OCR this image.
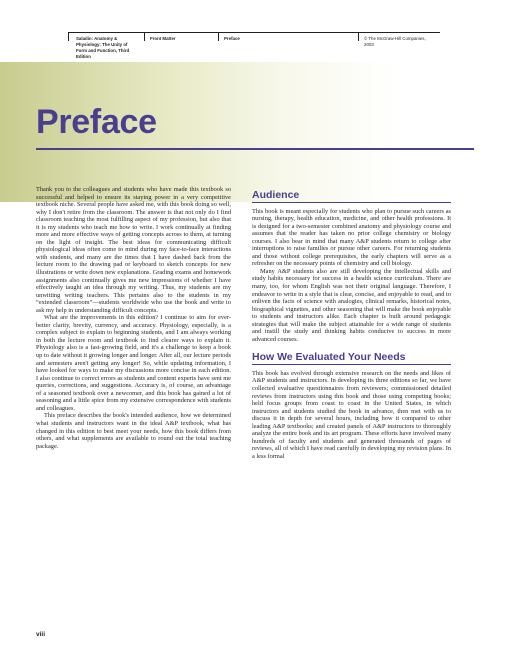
Saladin: Anatomy & Physiology: The Unity of Form and Function, Third Edition
Front Matter	Preface	© The McGraw-Hill Companies, 2003
Preface

Thank you to the colleagues and students who have made this textbook so successful and helped to ensure its staying power in a very competitive textbook niche. Several people have asked me, with this book doing so well, why I don't retire from the classroom. The answer is that not only do I find classroom teaching the most fulfilling aspect of my profession, but also that it is my students who teach me how to write. I work continually at finding more and more effective ways of getting concepts across to them, at turning on the light of insight. The best ideas for communicating difficult physiological ideas often come to mind during my face-to-face interactions with students, and many are the times that I have dashed back from the lecture room to the drawing pad or keyboard to sketch concepts for new illustrations or write down new explanations. Grading exams and homework assignments also continually gives me new impressions of whether I have effectively taught an idea through my writing. Thus, my students are my unwitting writing teachers. This pertains also to the students in my “extended classroom”—students worldwide who use the book and write to ask my help in understanding difficult concepts.

What are the improvements in this edition? I continue to aim for ever-better clarity, brevity, currency, and accuracy. Physiology, especially, is a complex subject to explain to beginning students, and I am always working in both the lecture room and textbook to find clearer ways to explain it. Physiology also is a fast-growing field, and it's a challenge to keep a book up to date without it growing longer and longer. After all, our lecture periods and semesters aren't getting any longer! So, while updating information, I have looked for ways to make my discussions more concise in each edition. I also continue to correct errors as students and content experts have sent me queries, corrections, and suggestions. Accuracy is, of course, an advantage of a seasoned textbook over a newcomer, and this book has gained a lot of seasoning and a little spice from my extensive correspondence with students and colleagues.

This preface describes the book's intended audience, how we determined what students and instructors want in the ideal A&P textbook, what has changed in this edition to best meet your needs, how this book differs from others, and what supplements are available to round out the total teaching package.

Audience

This book is meant especially for students who plan to pursue such careers as nursing, therapy, health education, medicine, and other health professions. It is designed for a two-semester combined anatomy and physiology course and assumes that the reader has taken no prior college chemistry or biology courses. I also bear in mind that many A&P students return to college after interruptions to raise families or pursue other careers. For returning students and those without college prerequisites, the early chapters will serve as a refresher on the necessary points of chemistry and cell biology.

Many A&P students also are still developing the intellectual skills and study habits necessary for success in a health science curriculum. There are many, too, for whom English was not their original language. Therefore, I endeavor to write in a style that is clear, concise, and enjoyable to read, and to enliven the facts of science with analogies, clinical remarks, historical notes, biographical vignettes, and other seasoning that will make the book enjoyable to students and instructors alike. Each chapter is built around pedagogic strategies that will make the subject attainable for a wide range of students and instill the study and thinking habits conducive to success in more advanced courses.

How We Evaluated Your Needs

This book has evolved through extensive research on the needs and likes of A&P students and instructors. In developing its three editions so far, we have collected evaluative questionnaires from reviewers; commissioned detailed reviews from instructors using this book and those using competing books; held focus groups from coast to coast in the United States, in which instructors and students studied the book in advance, then met with us to discuss it in depth for several hours, including how it compared to other leading A&P textbooks; and created panels of A&P instructors to thoroughly analyze the entire book and its art program. These efforts have involved many hundreds of faculty and students and generated thousands of pages of reviews, all of which I have read carefully in developing my revision plans. In a less formal

viii
